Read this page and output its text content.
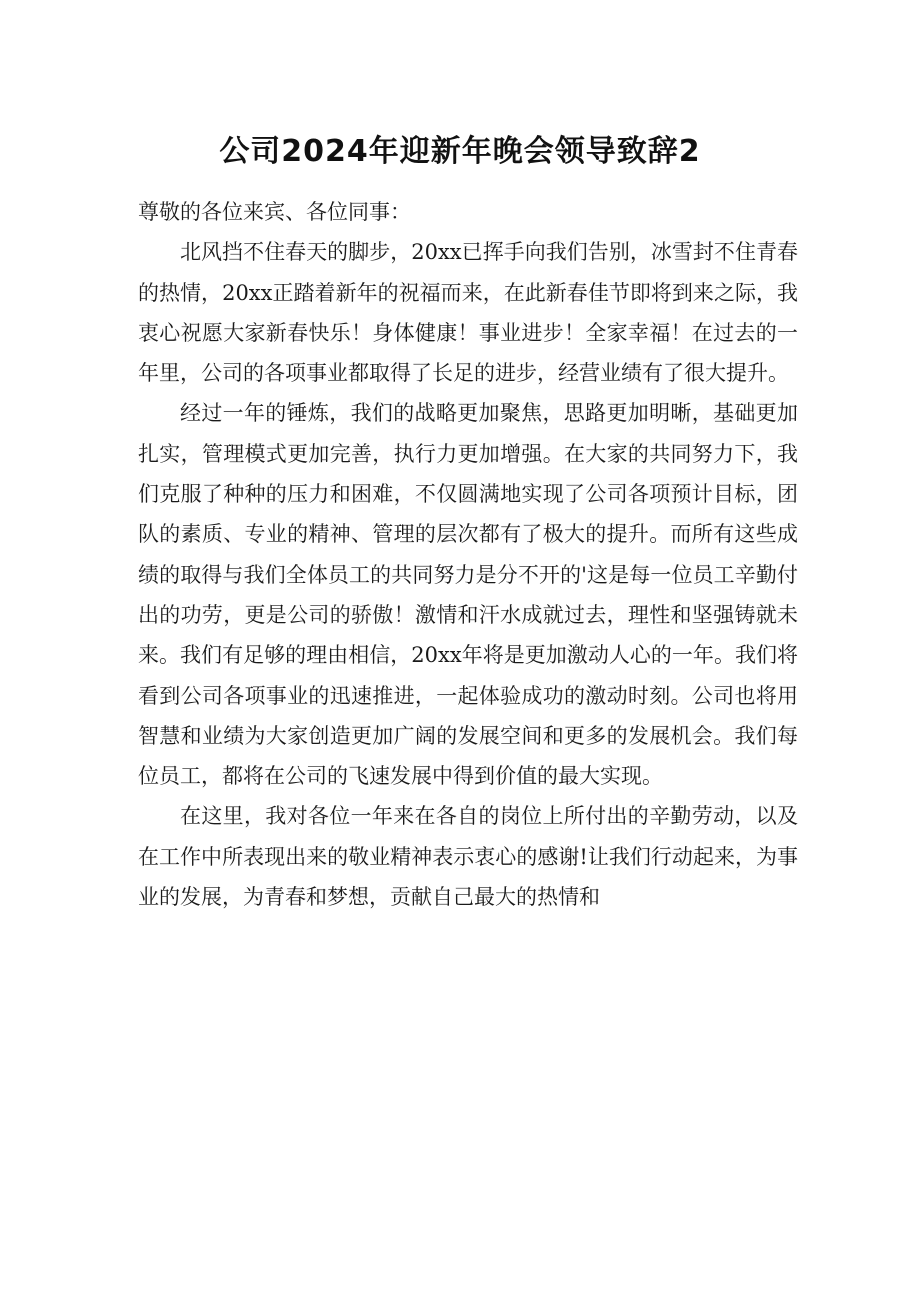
公司2024年迎新年晚会领导致辞2

尊敬的各位来宾、各位同事：

北风挡不住春天的脚步，20xx已挥手向我们告别，冰雪封不住青春的热情，20xx正踏着新年的祝福而来，在此新春佳节即将到来之际，我衷心祝愿大家新春快乐！身体健康！事业进步！全家幸福！在过去的一年里，公司的各项事业都取得了长足的进步，经营业绩有了很大提升。

经过一年的锤炼，我们的战略更加聚焦，思路更加明晰，基础更加扎实，管理模式更加完善，执行力更加增强。在大家的共同努力下，我们克服了种种的压力和困难，不仅圆满地实现了公司各项预计目标，团队的素质、专业的精神、管理的层次都有了极大的提升。而所有这些成绩的取得与我们全体员工的共同努力是分不开的'这是每一位员工辛勤付出的功劳，更是公司的骄傲！激情和汗水成就过去，理性和坚强铸就未来。我们有足够的理由相信，20xx年将是更加激动人心的一年。我们将看到公司各项事业的迅速推进，一起体验成功的激动时刻。公司也将用智慧和业绩为大家创造更加广阔的发展空间和更多的发展机会。我们每位员工，都将在公司的飞速发展中得到价值的最大实现。

在这里，我对各位一年来在各自的岗位上所付出的辛勤劳动，以及在工作中所表现出来的敬业精神表示衷心的感谢!让我们行动起来，为事业的发展，为青春和梦想，贡献自己最大的热情和
